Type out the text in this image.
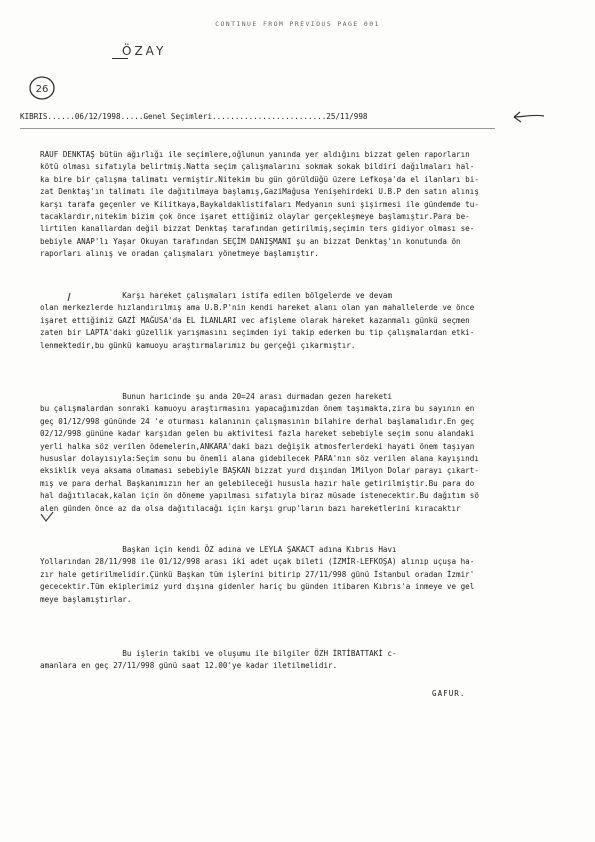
CONTINUE FROM PREVIOUS PAGE 001
ÖZAY
26
KIBRIS......06/12/1998.....Genel Seçimleri.........................25/11/998
RAUF DENKTAŞ bütün ağırlığı ile seçimlere,oğlunun yanında yer aldığını bizzat gelen raporların
kötü olması sıfatıyla belirtmiş.Natta seçim çalışmalarını sokmak sokak bildiri dağılmaları hal-
ka bire bir çalışma talimatı vermiştir.Nitekim bu gün görüldüğü üzere Lefkoşa'da el ilanları bi-
zat Denktaş'ın talimatı ile dağıtılmaya başlamış,GaziMağusa Yenişehirdeki U.B.P den satın alınış
karşı tarafa geçenler ve Kilitkaya,Baykaldaklistifaları Medyanın suni şişirmesi ile gündemde tu-
tacaklardır,nitekim bizim çok önce işaret ettiğimiz olaylar gerçekleşmeye başlamıştır.Para be-
lirtilen kanallardan değil bizzat Denktaş tarafından getirilmiş,seçimin ters gidiyor olması se-
bebiyle ANAP'lı Yaşar Okuyan tarafından SEÇİM DANIŞMANI şu an bizzat Denktaş'ın konutunda ön
raporları alınış ve oradan çalışmaları yönetmeye başlamıştır.
Karşı hareket çalışmaları istifa edilen bölgelerde ve devam
olan merkezlerde hızlandırılmış ama U.B.P'nin kendi hareket alanı olan yan mahallelerde ve önce
işaret ettiğimiz GAZİ MAĞUSA'da EL İLANLARI vec afişleme olarak hareket kazanmalı günkü seçmen
zaten bir LAPTA'daki güzellik yarışmasını seçimden iyi takip ederken bu tip çalışmalardan etki-
lenmektedir,bu günkü kamuoyu araştırmalarımız bu gerçeği çıkarmıştır.
Bunun haricinde şu anda 20=24 arası durmadan gezen hareketi
bu çalışmalardan sonraki kamuoyu araştırmasını yapacağımızdan önem taşımakta,zira bu sayının en
geç 01/12/998 gününde 24 'e oturması kalanının çalışmasının bilahire derhal başlamalıdır.En geç
02/12/998 gününe kadar karşıdan gelen bu aktivitesi fazla hareket sebebiyle seçim sonu alandaki
yerli halka söz verilen ödemelerin,ANKARA'daki bazı değişik atmosferlerdeki hayati önem taşıyan
hususlar dolayısıyla:Seçim sonu bu önemli alana gidebilecek PARA'nın söz verilen alana kayışındı
eksiklik veya aksama olmaması sebebiyle BAŞKAN bizzat yurd dışından 1Milyon Dolar parayı çıkart-
mış ve para derhal Başkanımızın her an gelebileceği hususla hazır hale getirilmiştir.Bu para do
hal dağıtılacak,kalan için ön döneme yapılması sıfatıyla biraz müsade istenecektir.Bu dağıtım sö
alen günden önce az da olsa dağıtılacağı için karşı grup'ların bazı hareketlerini kıracaktır
Başkan için kendi ÖZ adına ve LEYLA ŞAKACT adına Kıbrıs Havı
Yollarından 28/11/998 ile 01/12/998 arası iki adet uçak bileti (İZMİR-LEFKOŞA) alınıp uçuşa ha-
zır hale getirilmelidir.Çünkü Başkan tüm işlerini bitirip 27/11/998 günü İstanbul oradan İzmir'
gececektir.Tüm ekiplerimiz yurd dışına gidenler hariç bu günden itibaren Kıbrıs'a inmeye ve gel
meye başlamıştırlar.
Bu işlerin takibi ve oluşumu ile bilgiler ÖZH İRTİBATTAKİ c-
amanlara en geç 27/11/998 günü saat 12.00'ye kadar iletilmelidir.
GAFUR.
